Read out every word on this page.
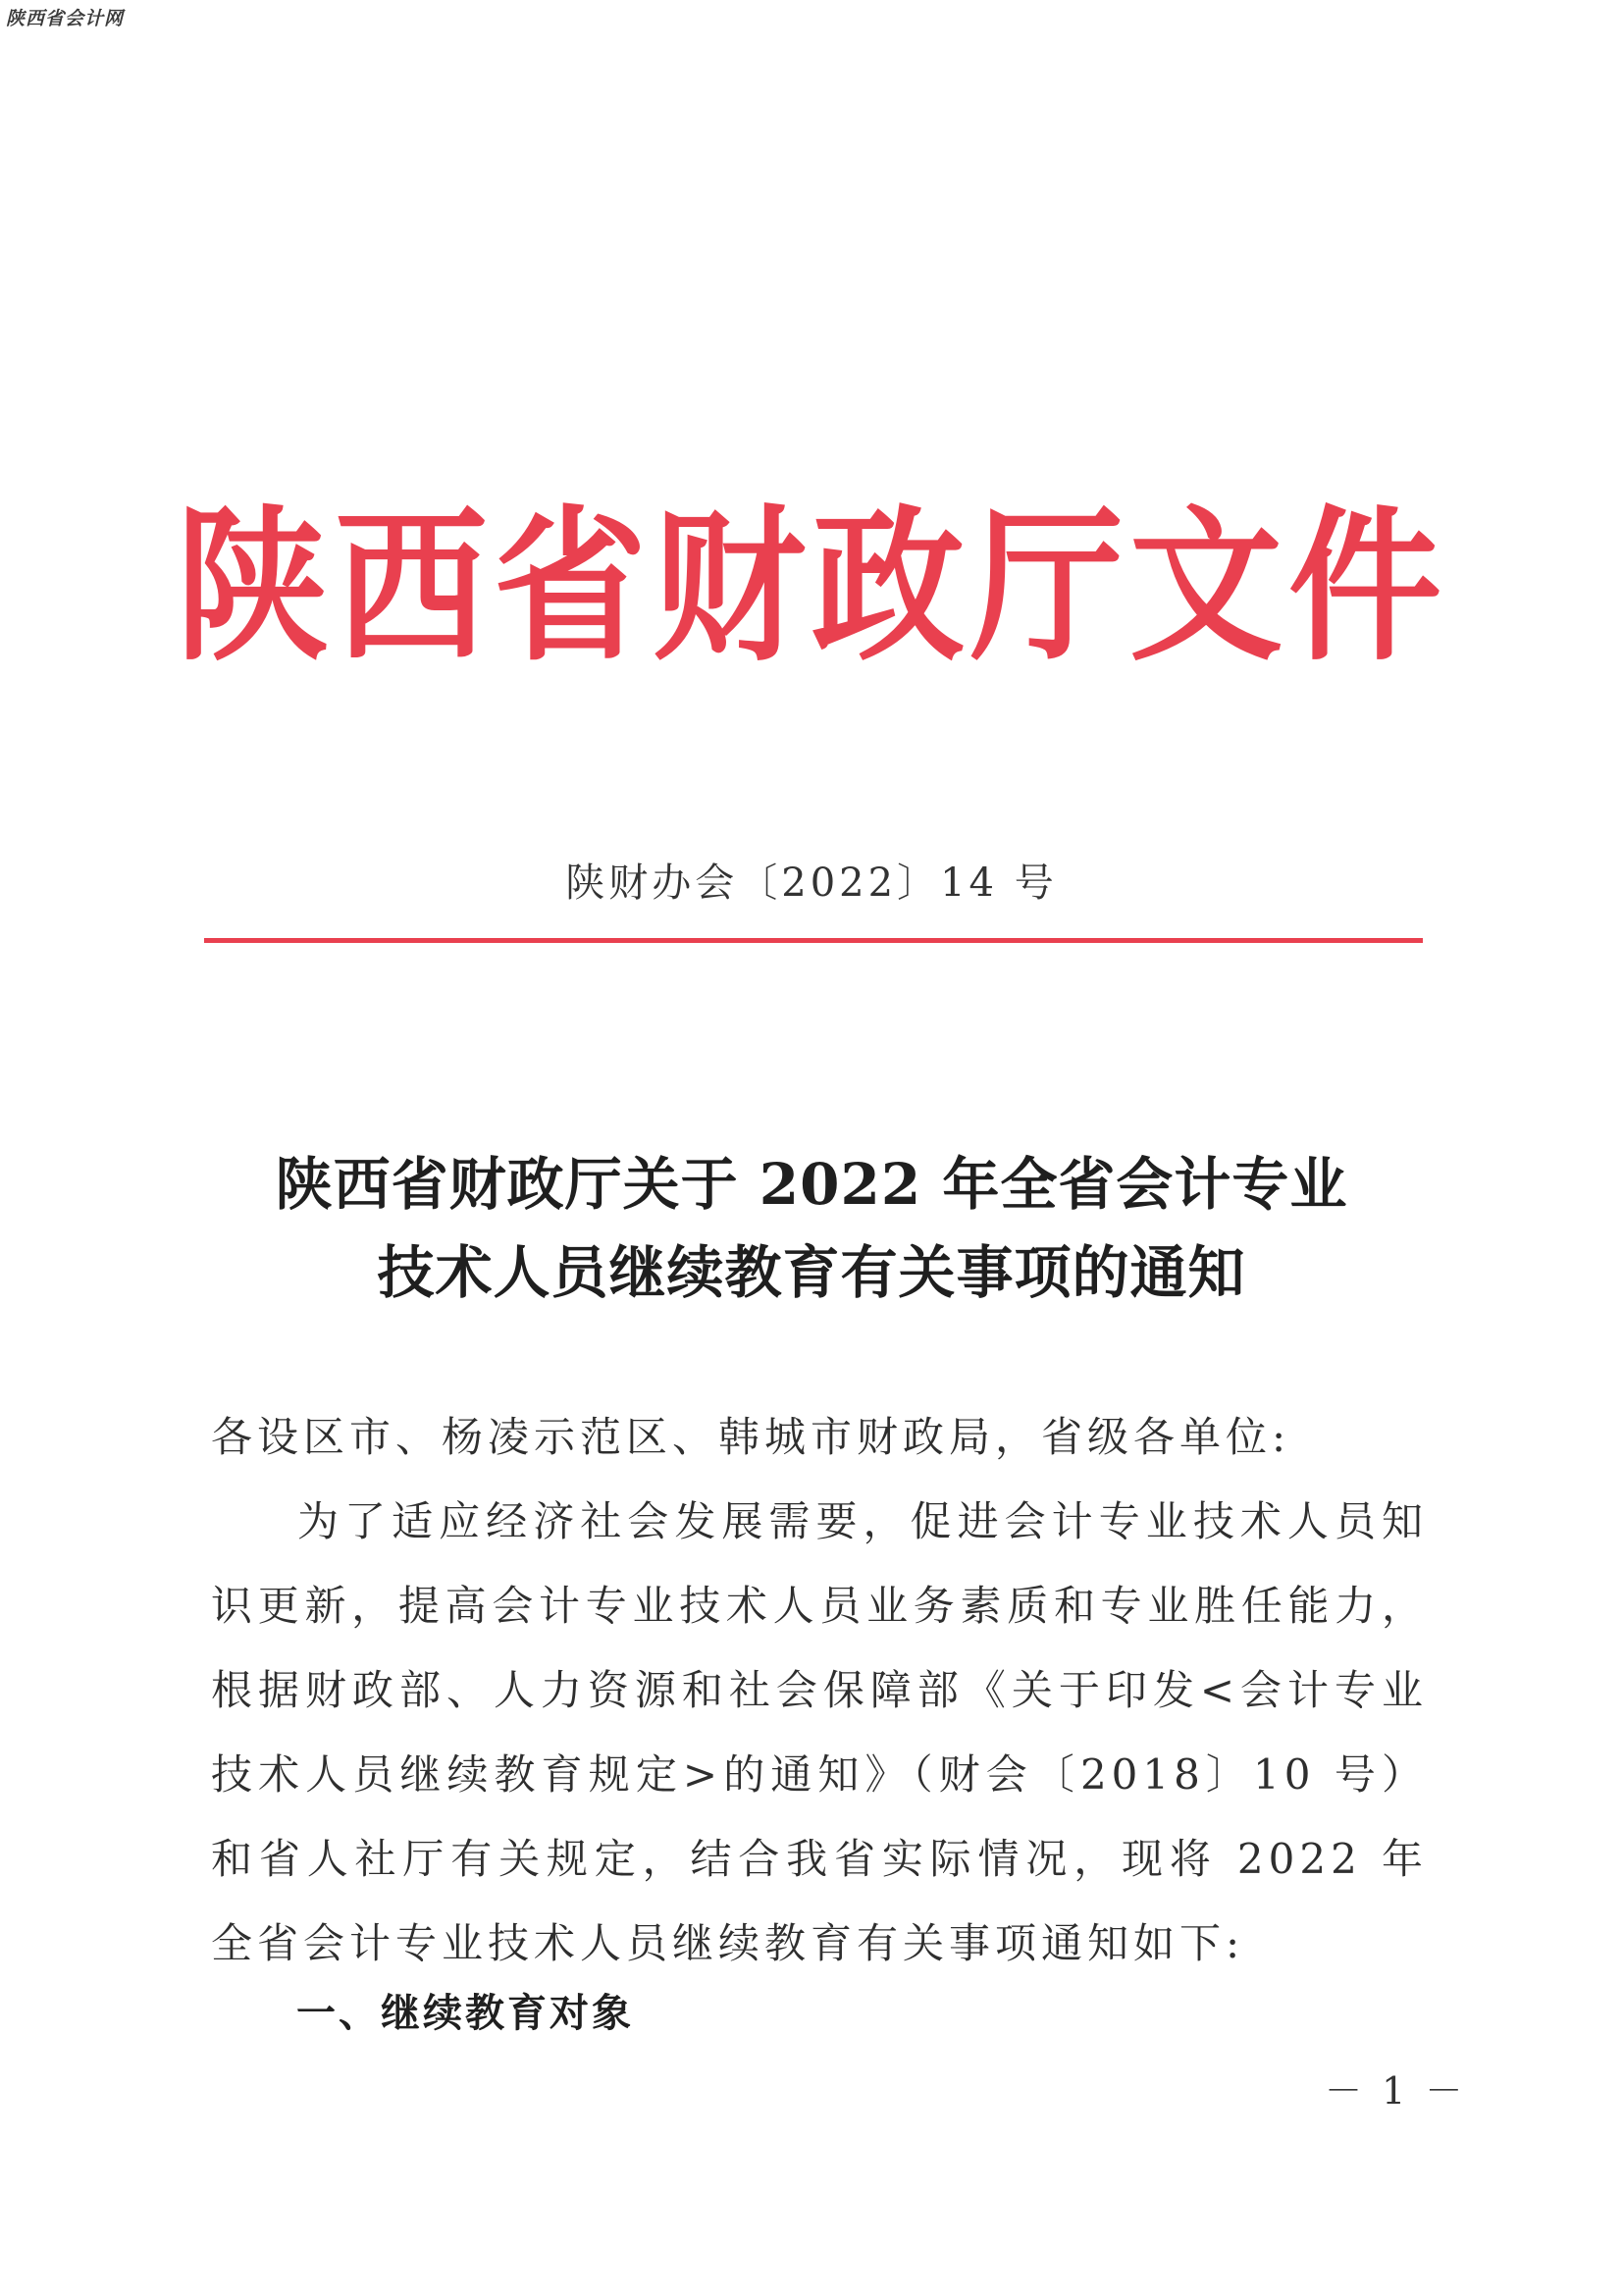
陕西省会计网
陕西省财政厅文件
陕财办会〔2022〕14 号
陕西省财政厅关于 2022 年全省会计专业
技术人员继续教育有关事项的通知

各设区市、杨凌示范区、韩城市财政局，省级各单位:

为了适应经济社会发展需要，促进会计专业技术人员知识更新，提高会计专业技术人员业务素质和专业胜任能力，根据财政部、人力资源和社会保障部《关于印发<会计专业技术人员继续教育规定>的通知》（财会〔2018〕10 号）和省人社厅有关规定，结合我省实际情况，现将 2022 年全省会计专业技术人员继续教育有关事项通知如下:

一、继续教育对象
－ 1 －
